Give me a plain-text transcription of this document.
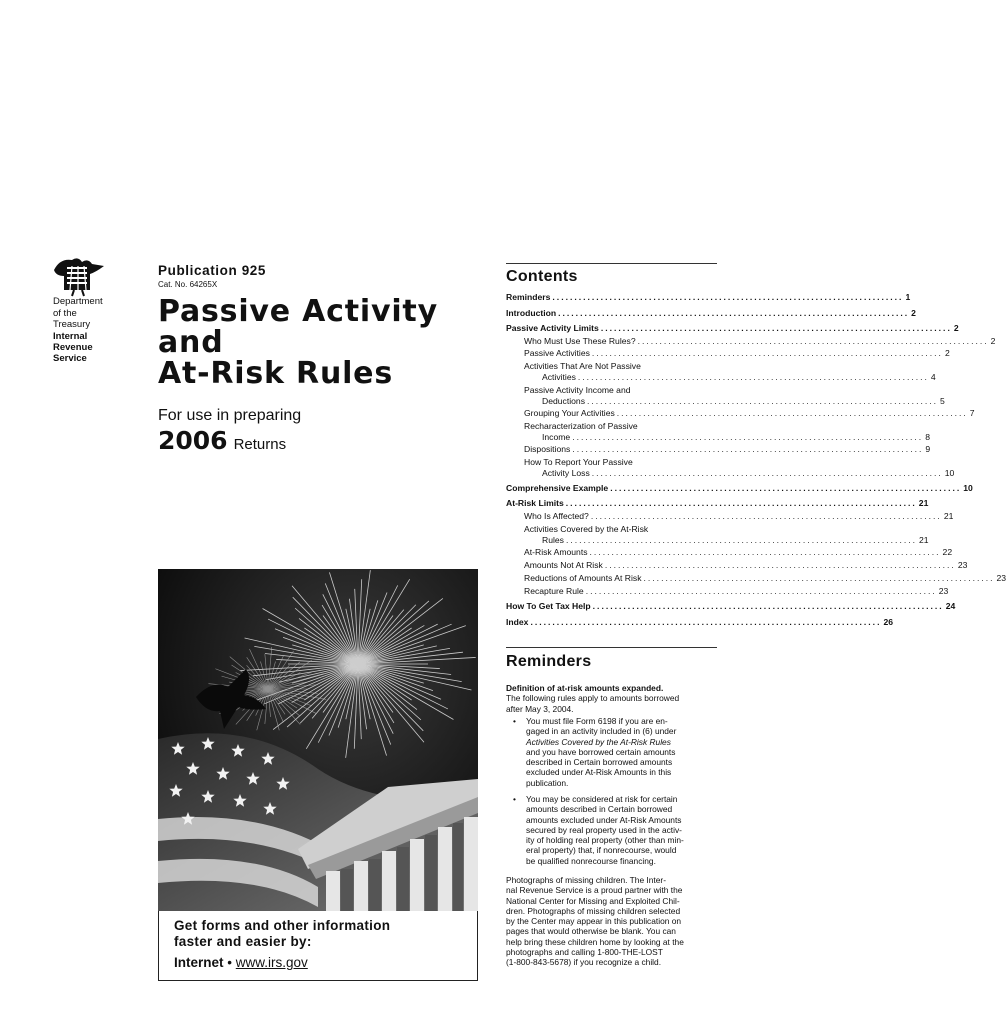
Department
of the
Treasury
Internal
Revenue
Service
Publication 925
Cat. No. 64265X
Passive Activity
and
At-Risk Rules
For use in preparing
2006 Returns
Get forms and other information
faster and easier by:
Internet • www.irs.gov
Contents
Reminders ................................................................................ 1
Introduction ................................................................................ 2
Passive Activity Limits ................................................................................ 2
Who Must Use These Rules? ................................................................................ 2
Passive Activities ................................................................................ 2
Activities That Are Not Passive
Activities ................................................................................ 4
Passive Activity Income and
Deductions ................................................................................ 5
Grouping Your Activities ................................................................................ 7
Recharacterization of Passive
Income ................................................................................ 8
Dispositions ................................................................................ 9
How To Report Your Passive
Activity Loss ................................................................................ 10
Comprehensive Example ................................................................................ 10
At-Risk Limits ................................................................................ 21
Who Is Affected? ................................................................................ 21
Activities Covered by the At-Risk
Rules ................................................................................ 21
At-Risk Amounts ................................................................................ 22
Amounts Not At Risk ................................................................................ 23
Reductions of Amounts At Risk ................................................................................ 23
Recapture Rule ................................................................................ 23
How To Get Tax Help ................................................................................ 24
Index ................................................................................ 26
Reminders
Definition of at-risk amounts expanded.
The following rules apply to amounts borrowed
after May 3, 2004.
• You must file Form 6198 if you are en-
gaged in an activity included in (6) under
Activities Covered by the At-Risk Rules
and you have borrowed certain amounts
described in Certain borrowed amounts
excluded under At-Risk Amounts in this
publication.
• You may be considered at risk for certain
amounts described in Certain borrowed
amounts excluded under At-Risk Amounts
secured by real property used in the activ-
ity of holding real property (other than min-
eral property) that, if nonrecourse, would
be qualified nonrecourse financing.
Photographs of missing children. The Inter-
nal Revenue Service is a proud partner with the
National Center for Missing and Exploited Chil-
dren. Photographs of missing children selected
by the Center may appear in this publication on
pages that would otherwise be blank. You can
help bring these children home by looking at the
photographs and calling 1-800-THE-LOST
(1-800-843-5678) if you recognize a child.
